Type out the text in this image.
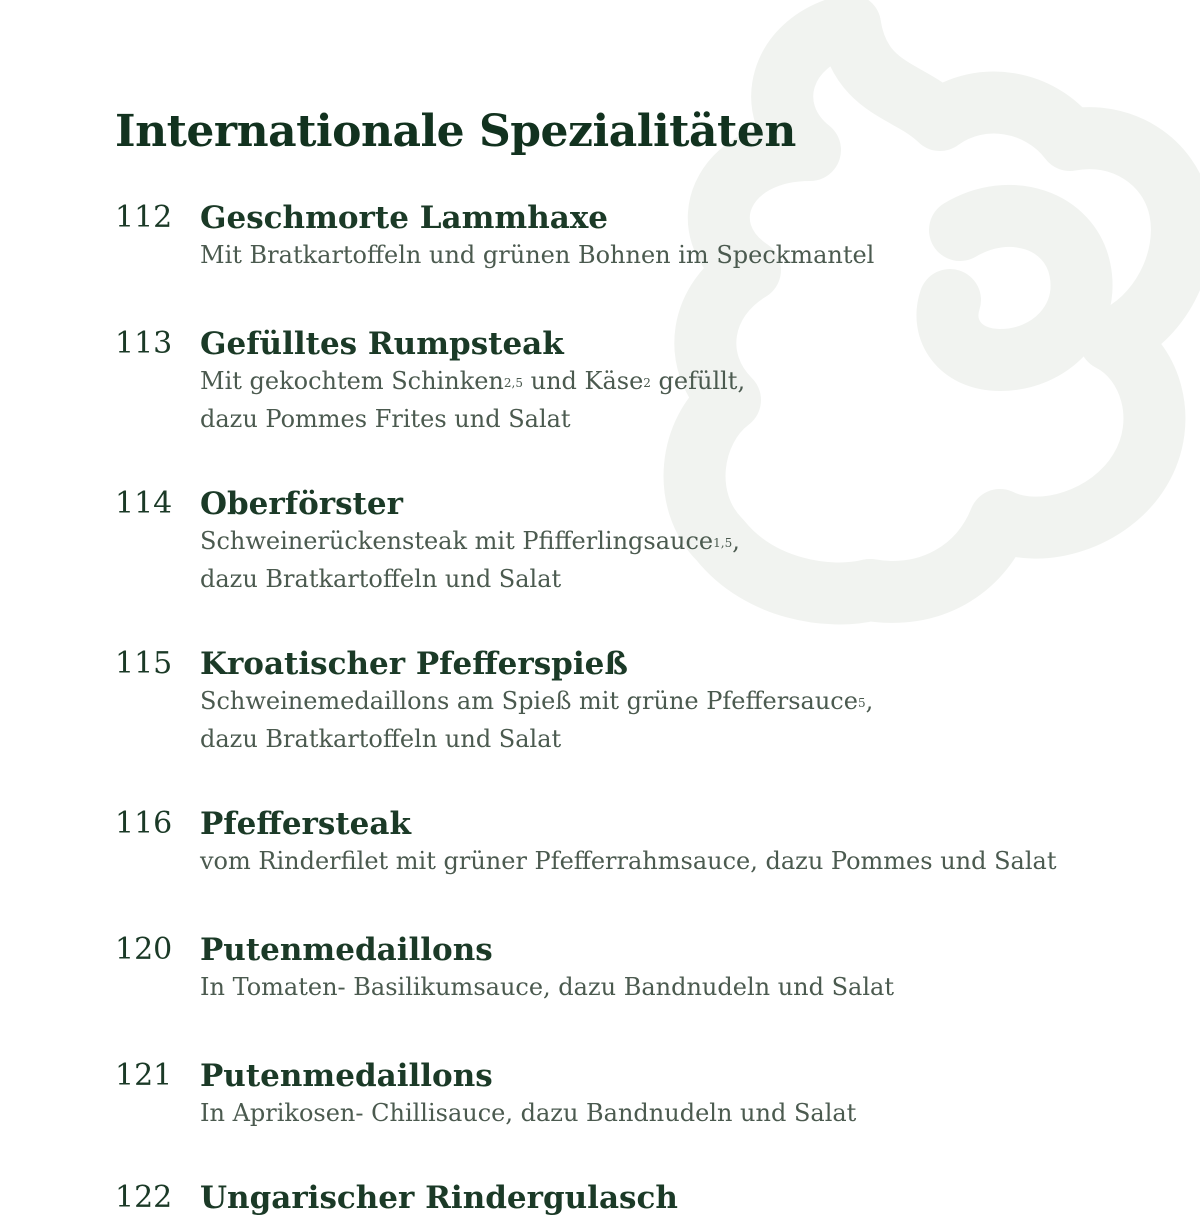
Internationale Spezialitäten
112 Geschmorte Lammhaxe
Mit Bratkartoffeln und grünen Bohnen im Speckmantel
113 Gefülltes Rumpsteak
Mit gekochtem Schinken$^{2,5}$ und Käse$^2$ gefüllt,
dazu Pommes Frites und Salat
114 Oberförster
Schweinerückensteak mit Pfifferlingsauce$^{1,5}$,
dazu Bratkartoffeln und Salat
115 Kroatischer Pfefferspieß
Schweinemedaillons am Spieß mit grüne Pfeffersauce$^5$,
dazu Bratkartoffeln und Salat
116 Pfeffersteak
vom Rinderfilet mit grüner Pfefferrahmsauce, dazu Pommes und Salat
120 Putenmedaillons
In Tomaten- Basilikumsauce, dazu Bandnudeln und Salat
121 Putenmedaillons
In Aprikosen- Chillisauce, dazu Bandnudeln und Salat
122 Ungarischer Rindergulasch
